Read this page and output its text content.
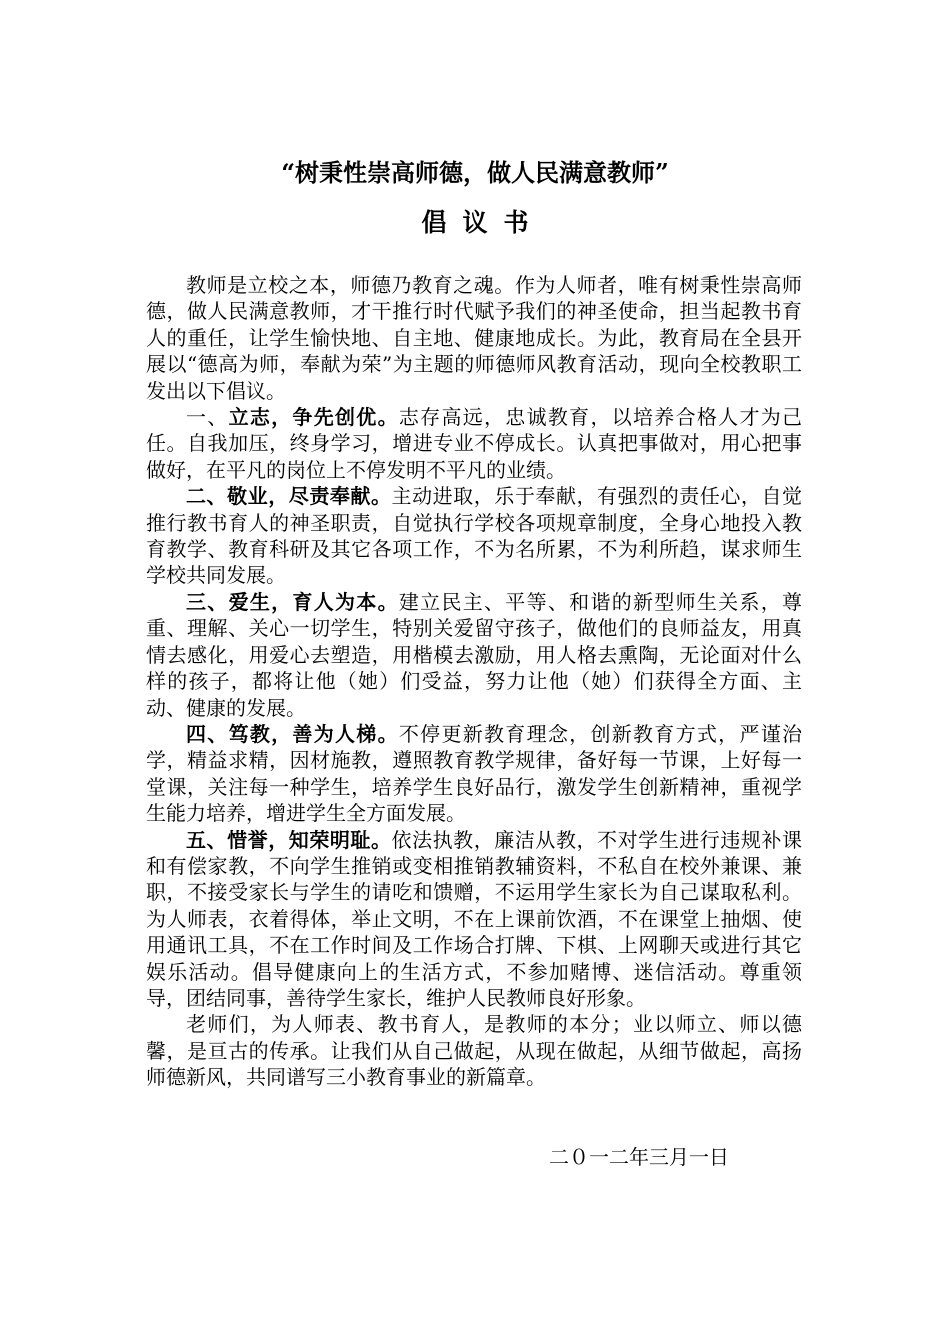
“树秉性崇高师德，做人民满意教师”
倡议书

教师是立校之本，师德乃教育之魂。作为人师者，唯有树秉性崇高师德，做人民满意教师，才干推行时代赋予我们的神圣使命，担当起教书育人的重任，让学生愉快地、自主地、健康地成长。为此，教育局在全县开展以“德高为师，奉献为荣”为主题的师德师风教育活动，现向全校教职工发出以下倡议。

一、立志，争先创优。志存高远，忠诚教育，以培养合格人才为己任。自我加压，终身学习，增进专业不停成长。认真把事做对，用心把事做好，在平凡的岗位上不停发明不平凡的业绩。

二、敬业，尽责奉献。主动进取，乐于奉献，有强烈的责任心，自觉推行教书育人的神圣职责，自觉执行学校各项规章制度，全身心地投入教育教学、教育科研及其它各项工作，不为名所累，不为利所趋，谋求师生学校共同发展。

三、爱生，育人为本。建立民主、平等、和谐的新型师生关系，尊重、理解、关心一切学生，特别关爱留守孩子，做他们的良师益友，用真情去感化，用爱心去塑造，用楷模去激励，用人格去熏陶，无论面对什么样的孩子，都将让他（她）们受益，努力让他（她）们获得全方面、主动、健康的发展。

四、笃教，善为人梯。不停更新教育理念，创新教育方式，严谨治学，精益求精，因材施教，遵照教育教学规律，备好每一节课，上好每一堂课，关注每一种学生，培养学生良好品行，激发学生创新精神，重视学生能力培养，增进学生全方面发展。

五、惜誉，知荣明耻。依法执教，廉洁从教，不对学生进行违规补课和有偿家教，不向学生推销或变相推销教辅资料，不私自在校外兼课、兼职，不接受家长与学生的请吃和馈赠，不运用学生家长为自己谋取私利。为人师表，衣着得体，举止文明，不在上课前饮酒，不在课堂上抽烟、使用通讯工具，不在工作时间及工作场合打牌、下棋、上网聊天或进行其它娱乐活动。倡导健康向上的生活方式，不参加赌博、迷信活动。尊重领导，团结同事，善待学生家长，维护人民教师良好形象。

老师们，为人师表、教书育人，是教师的本分；业以师立、师以德馨，是亘古的传承。让我们从自己做起，从现在做起，从细节做起，高扬师德新风，共同谱写三小教育事业的新篇章。

二０一二年三月一日
